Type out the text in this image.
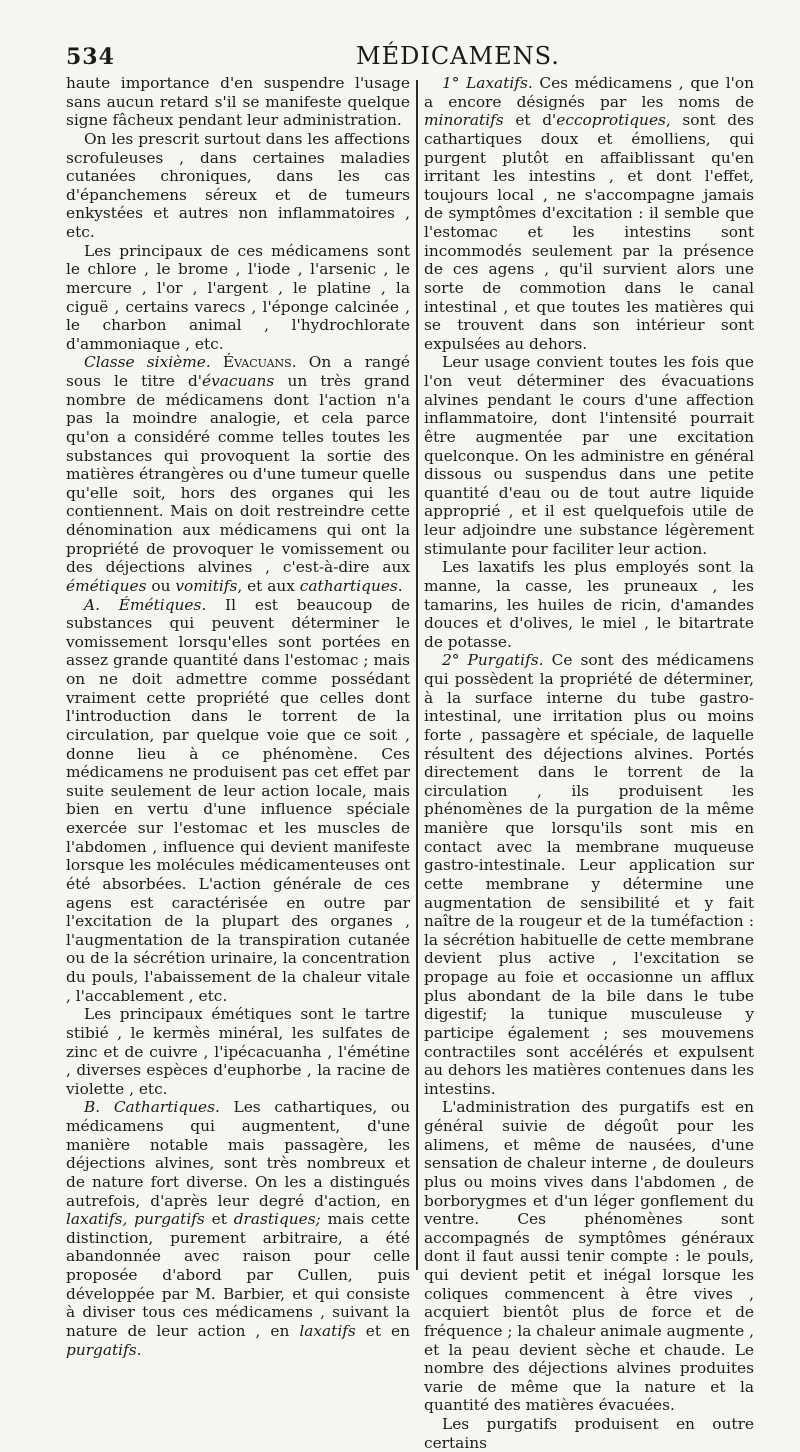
534	MÉDICAMENS.

haute importance d'en suspendre l'usage sans aucun retard s'il se manifeste quelque signe fâcheux pendant leur administration.

On les prescrit surtout dans les affections scrofuleuses , dans certaines maladies cutanées chroniques, dans les cas d'épanchemens séreux et de tumeurs enkystées et autres non inflammatoires , etc.

Les principaux de ces médicamens sont le chlore , le brome , l'iode , l'arsenic , le mercure , l'or , l'argent , le platine , la ciguë , certains varecs , l'éponge calcinée , le charbon animal , l'hydrochlorate d'ammoniaque , etc.

Classe sixième. Évacuans. On a rangé sous le titre d'évacuans un très grand nombre de médicamens dont l'action n'a pas la moindre analogie, et cela parce qu'on a considéré comme telles toutes les substances qui provoquent la sortie des matières étrangères ou d'une tumeur quelle qu'elle soit, hors des organes qui les contiennent. Mais on doit restreindre cette dénomination aux médicamens qui ont la propriété de provoquer le vomissement ou des déjections alvines , c'est-à-dire aux émétiques ou vomitifs, et aux cathartiques.

A. Émétiques. Il est beaucoup de substances qui peuvent déterminer le vomissement lorsqu'elles sont portées en assez grande quantité dans l'estomac ; mais on ne doit admettre comme possédant vraiment cette propriété que celles dont l'introduction dans le torrent de la circulation, par quelque voie que ce soit , donne lieu à ce phénomène. Ces médicamens ne produisent pas cet effet par suite seulement de leur action locale, mais bien en vertu d'une influence spéciale exercée sur l'estomac et les muscles de l'abdomen , influence qui devient manifeste lorsque les molécules médicamenteuses ont été absorbées. L'action générale de ces agens est caractérisée en outre par l'excitation de la plupart des organes , l'augmentation de la transpiration cutanée ou de la sécrétion urinaire, la concentration du pouls, l'abaissement de la chaleur vitale , l'accablement , etc.

Les principaux émétiques sont le tartre stibié , le kermès minéral, les sulfates de zinc et de cuivre , l'ipécacuanha , l'émétine , diverses espèces d'euphorbe , la racine de violette , etc.

B. Cathartiques. Les cathartiques, ou médicamens qui augmentent, d'une manière notable mais passagère, les déjections alvines, sont très nombreux et de nature fort diverse. On les a distingués autrefois, d'après leur degré d'action, en laxatifs, purgatifs et drastiques; mais cette distinction, purement arbitraire, a été abandonnée avec raison pour celle proposée d'abord par Cullen, puis développée par M. Barbier, et qui consiste à diviser tous ces médicamens , suivant la nature de leur action , en laxatifs et en purgatifs.

1° Laxatifs. Ces médicamens , que l'on a encore désignés par les noms de minoratifs et d'eccoprotiques, sont des cathartiques doux et émolliens, qui purgent plutôt en affaiblissant qu'en irritant les intestins , et dont l'effet, toujours local , ne s'accompagne jamais de symptômes d'excitation : il semble que l'estomac et les intestins sont incommodés seulement par la présence de ces agens , qu'il survient alors une sorte de commotion dans le canal intestinal , et que toutes les matières qui se trouvent dans son intérieur sont expulsées au dehors.

Leur usage convient toutes les fois que l'on veut déterminer des évacuations alvines pendant le cours d'une affection inflammatoire, dont l'intensité pourrait être augmentée par une excitation quelconque. On les administre en général dissous ou suspendus dans une petite quantité d'eau ou de tout autre liquide approprié , et il est quelquefois utile de leur adjoindre une substance légèrement stimulante pour faciliter leur action.

Les laxatifs les plus employés sont la manne, la casse, les pruneaux , les tamarins, les huiles de ricin, d'amandes douces et d'olives, le miel , le bitartrate de potasse.

2° Purgatifs. Ce sont des médicamens qui possèdent la propriété de déterminer, à la surface interne du tube gastro-intestinal, une irritation plus ou moins forte , passagère et spéciale, de laquelle résultent des déjections alvines. Portés directement dans le torrent de la circulation , ils produisent les phénomènes de la purgation de la même manière que lorsqu'ils sont mis en contact avec la membrane muqueuse gastro-intestinale. Leur application sur cette membrane y détermine une augmentation de sensibilité et y fait naître de la rougeur et de la tuméfaction : la sécrétion habituelle de cette membrane devient plus active , l'excitation se propage au foie et occasionne un afflux plus abondant de la bile dans le tube digestif; la tunique musculeuse y participe également ; ses mouvemens contractiles sont accélérés et expulsent au dehors les matières contenues dans les intestins.

L'administration des purgatifs est en général suivie de dégoût pour les alimens, et même de nausées, d'une sensation de chaleur interne , de douleurs plus ou moins vives dans l'abdomen , de borborygmes et d'un léger gonflement du ventre. Ces phénomènes sont accompagnés de symptômes généraux dont il faut aussi tenir compte : le pouls, qui devient petit et inégal lorsque les coliques commencent à être vives , acquiert bientôt plus de force et de fréquence ; la chaleur animale augmente , et la peau devient sèche et chaude. Le nombre des déjections alvines produites varie de même que la nature et la quantité des matières évacuées.

Les purgatifs produisent en outre certains
